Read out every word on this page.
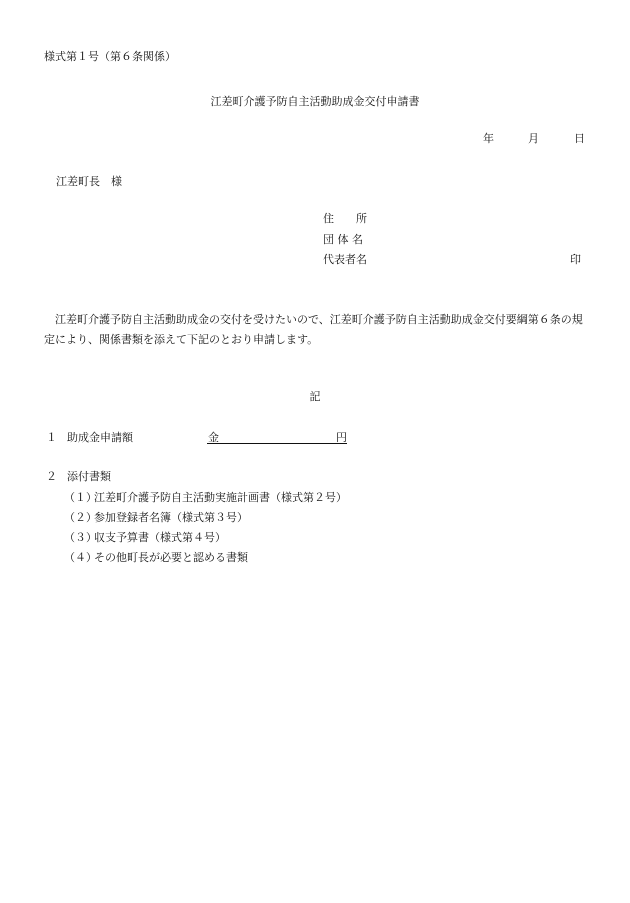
様式第１号（第６条関係）
江差町介護予防自主活動助成金交付申請書
年	月	日
江差町長　様
住　　所
団 体 名
代表者名	印
江差町介護予防自主活動助成金の交付を受けたいので、江差町介護予防自主活動助成金交付要綱第６条の規定により、関係書類を添えて下記のとおり申請します。
記
１ 助成金申請額	金	円
２ 添付書類
（１）江差町介護予防自主活動実施計画書（様式第２号）
（２）参加登録者名簿（様式第３号）
（３）収支予算書（様式第４号）
（４）その他町長が必要と認める書類
